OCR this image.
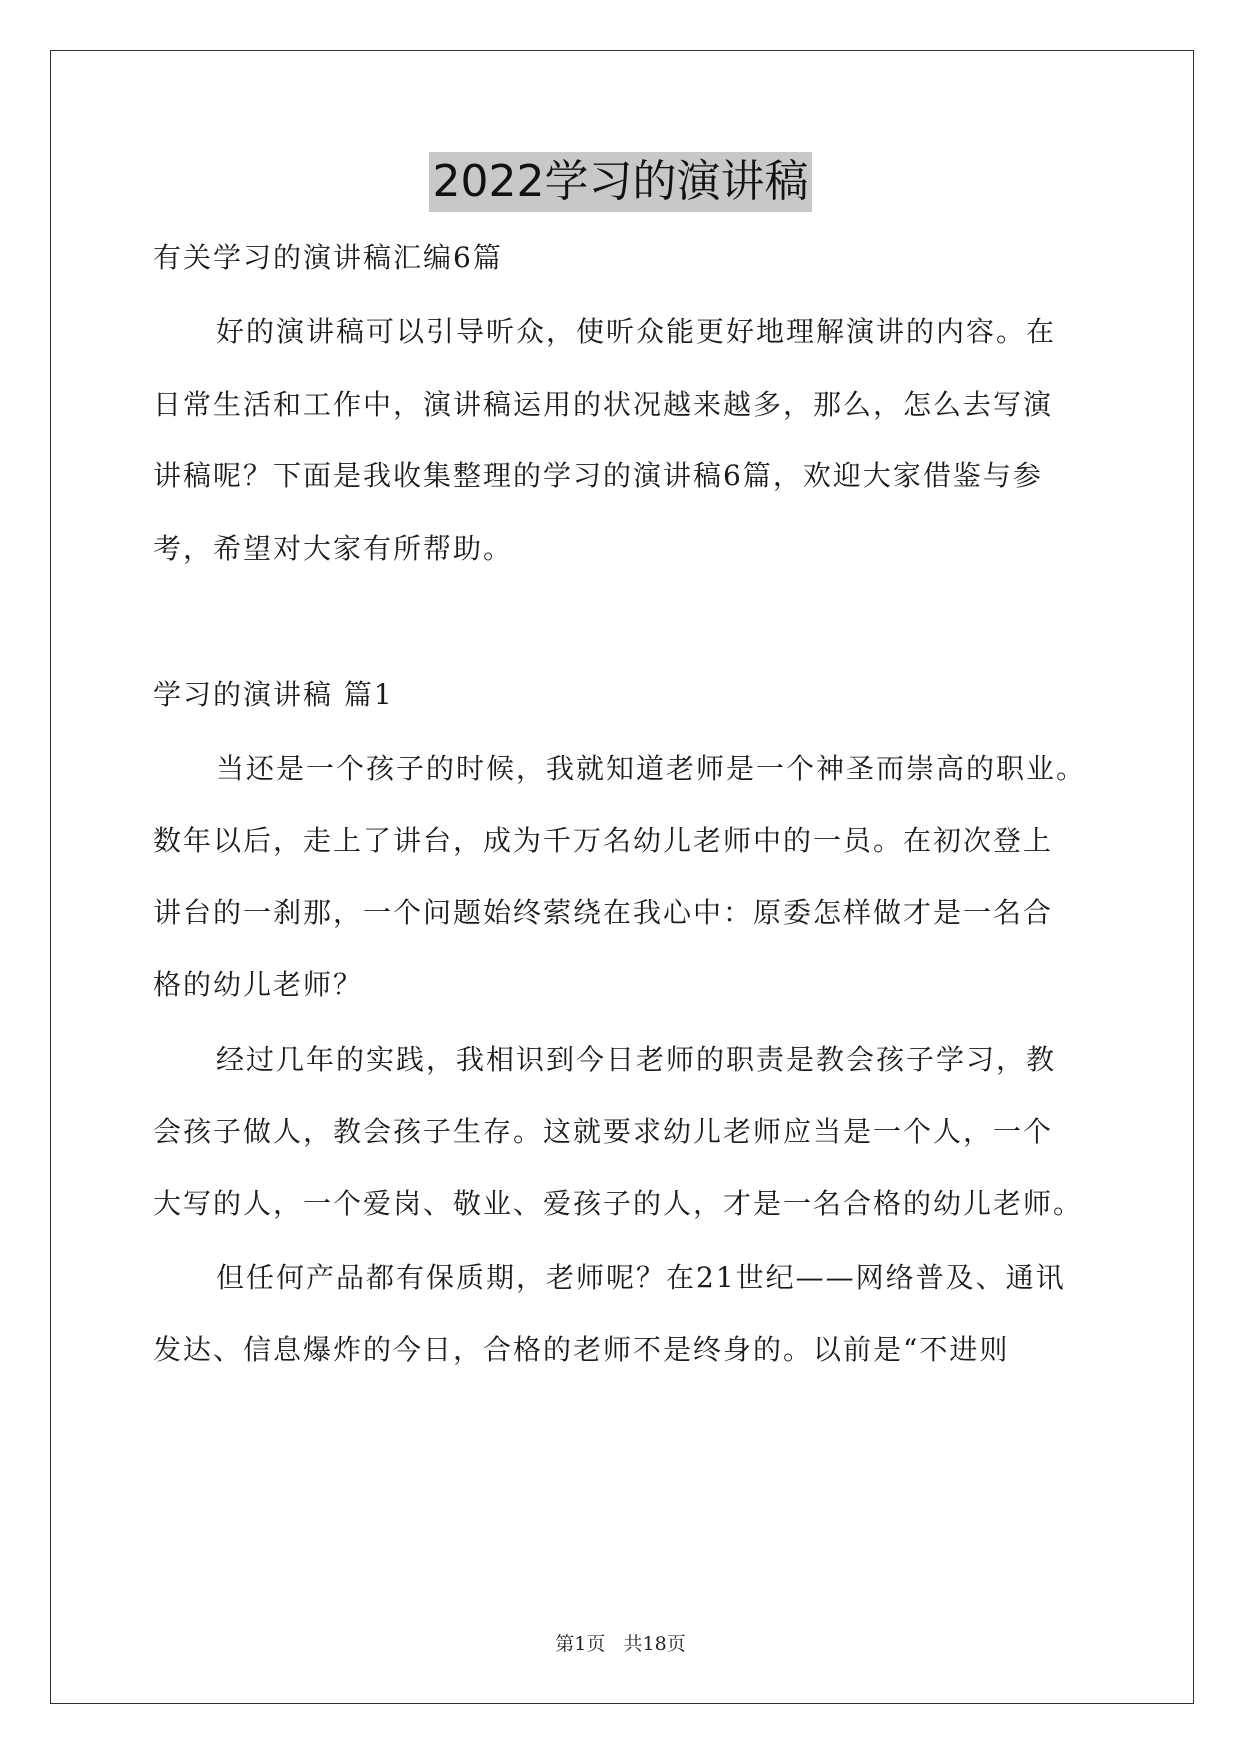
2022学习的演讲稿
有关学习的演讲稿汇编6篇
好的演讲稿可以引导听众，使听众能更好地理解演讲的内容。在
日常生活和工作中，演讲稿运用的状况越来越多，那么，怎么去写演
讲稿呢？下面是我收集整理的学习的演讲稿6篇，欢迎大家借鉴与参
考，希望对大家有所帮助。
学习的演讲稿 篇1
当还是一个孩子的时候，我就知道老师是一个神圣而崇高的职业。
数年以后，走上了讲台，成为千万名幼儿老师中的一员。在初次登上
讲台的一刹那，一个问题始终萦绕在我心中：原委怎样做才是一名合
格的幼儿老师？
经过几年的实践，我相识到今日老师的职责是教会孩子学习，教
会孩子做人，教会孩子生存。这就要求幼儿老师应当是一个人，一个
大写的人，一个爱岗、敬业、爱孩子的人，才是一名合格的幼儿老师。
但任何产品都有保质期，老师呢？在21世纪——网络普及、通讯
发达、信息爆炸的今日，合格的老师不是终身的。以前是“不进则
第1页 共18页
